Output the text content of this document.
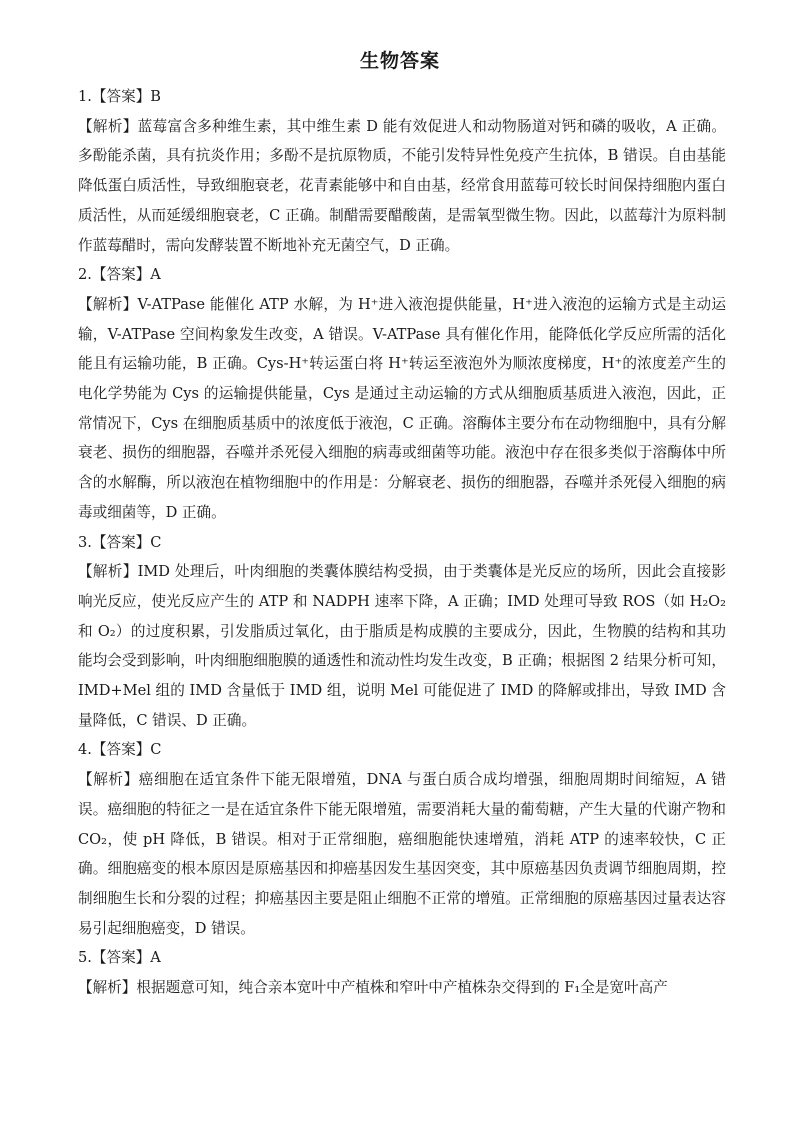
生物答案

1.【答案】B

【解析】蓝莓富含多种维生素，其中维生素 D 能有效促进人和动物肠道对钙和磷的吸收，A 正确。多酚能杀菌，具有抗炎作用；多酚不是抗原物质，不能引发特异性免疫产生抗体，B 错误。自由基能降低蛋白质活性，导致细胞衰老，花青素能够中和自由基，经常食用蓝莓可较长时间保持细胞内蛋白质活性，从而延缓细胞衰老，C 正确。制醋需要醋酸菌，是需氧型微生物。因此，以蓝莓汁为原料制作蓝莓醋时，需向发酵装置不断地补充无菌空气，D 正确。

2.【答案】A

【解析】V-ATPase 能催化 ATP 水解，为 H⁺进入液泡提供能量，H⁺进入液泡的运输方式是主动运输，V-ATPase 空间构象发生改变，A 错误。V-ATPase 具有催化作用，能降低化学反应所需的活化能且有运输功能，B 正确。Cys-H⁺转运蛋白将 H⁺转运至液泡外为顺浓度梯度，H⁺的浓度差产生的电化学势能为 Cys 的运输提供能量，Cys 是通过主动运输的方式从细胞质基质进入液泡，因此，正常情况下，Cys 在细胞质基质中的浓度低于液泡，C 正确。溶酶体主要分布在动物细胞中，具有分解衰老、损伤的细胞器，吞噬并杀死侵入细胞的病毒或细菌等功能。液泡中存在很多类似于溶酶体中所含的水解酶，所以液泡在植物细胞中的作用是：分解衰老、损伤的细胞器，吞噬并杀死侵入细胞的病毒或细菌等，D 正确。

3.【答案】C

【解析】IMD 处理后，叶肉细胞的类囊体膜结构受损，由于类囊体是光反应的场所，因此会直接影响光反应，使光反应产生的 ATP 和 NADPH 速率下降，A 正确；IMD 处理可导致 ROS（如 H₂O₂和 O₂）的过度积累，引发脂质过氧化，由于脂质是构成膜的主要成分，因此，生物膜的结构和其功能均会受到影响，叶肉细胞细胞膜的通透性和流动性均发生改变，B 正确；根据图 2 结果分析可知，IMD+Mel 组的 IMD 含量低于 IMD 组，说明 Mel 可能促进了 IMD 的降解或排出，导致 IMD 含量降低，C 错误、D 正确。

4.【答案】C

【解析】癌细胞在适宜条件下能无限增殖，DNA 与蛋白质合成均增强，细胞周期时间缩短，A 错误。癌细胞的特征之一是在适宜条件下能无限增殖，需要消耗大量的葡萄糖，产生大量的代谢产物和 CO₂，使 pH 降低，B 错误。相对于正常细胞，癌细胞能快速增殖，消耗 ATP 的速率较快，C 正确。细胞癌变的根本原因是原癌基因和抑癌基因发生基因突变，其中原癌基因负责调节细胞周期，控制细胞生长和分裂的过程；抑癌基因主要是阻止细胞不正常的增殖。正常细胞的原癌基因过量表达容易引起细胞癌变，D 错误。

5.【答案】A

【解析】根据题意可知，纯合亲本宽叶中产植株和窄叶中产植株杂交得到的 F₁全是宽叶高产
